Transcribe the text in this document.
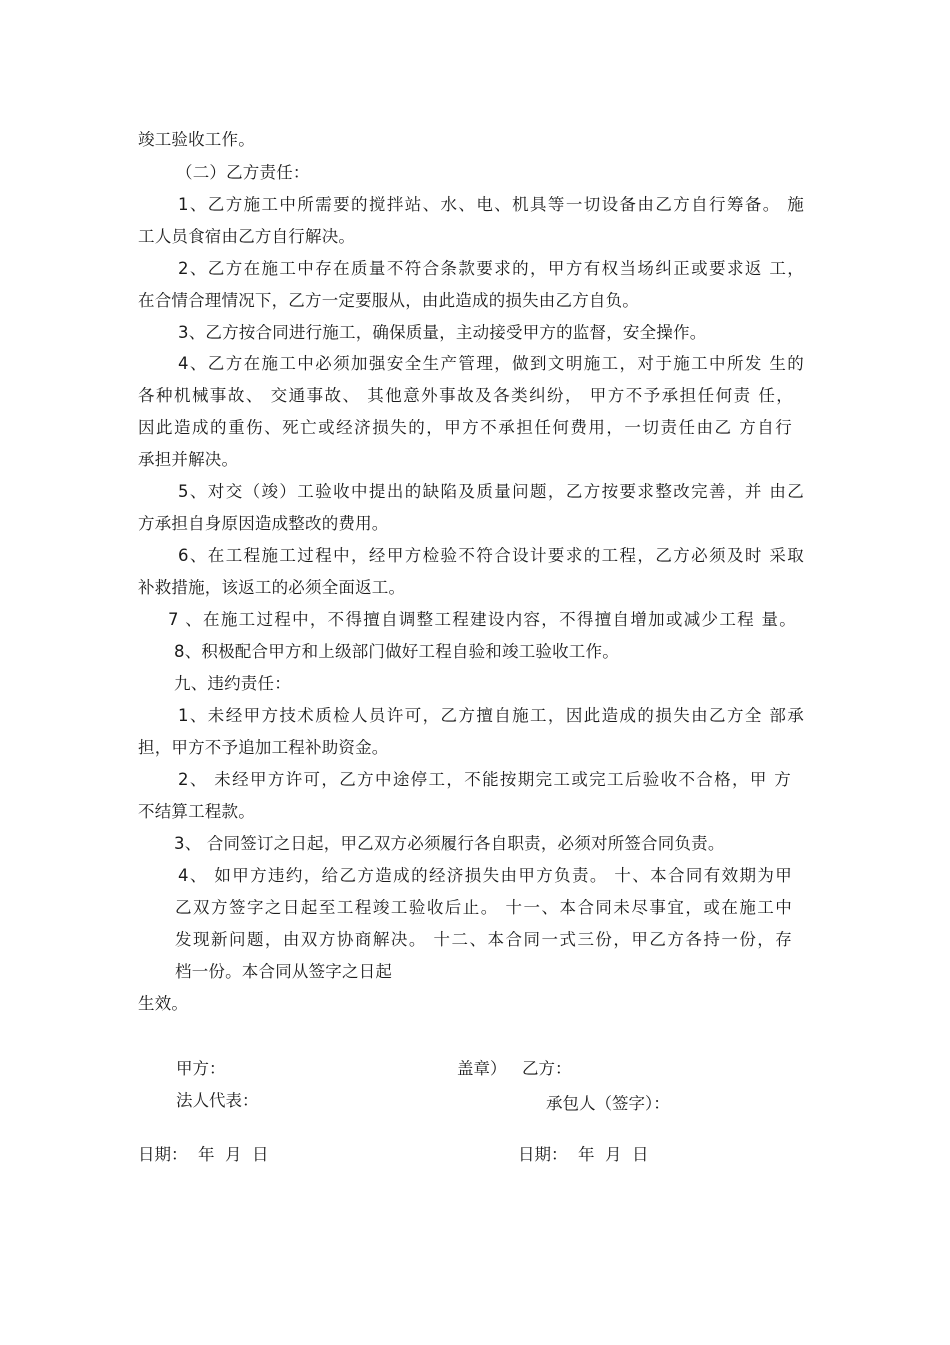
竣工验收工作。
（二）乙方责任：
1、乙方施工中所需要的搅拌站、水、电、机具等一切设备由乙方自行筹备。 施
工人员食宿由乙方自行解决。
2、乙方在施工中存在质量不符合条款要求的，甲方有权当场纠正或要求返 工，
在合情合理情况下，乙方一定要服从，由此造成的损失由乙方自负。
3、乙方按合同进行施工，确保质量，主动接受甲方的监督，安全操作。
4、乙方在施工中必须加强安全生产管理，做到文明施工，对于施工中所发 生的
各种机械事故、 交通事故、 其他意外事故及各类纠纷， 甲方不予承担任何责 任，
因此造成的重伤、死亡或经济损失的，甲方不承担任何费用，一切责任由乙 方自行
承担并解决。
5、对交（竣）工验收中提出的缺陷及质量问题，乙方按要求整改完善，并 由乙
方承担自身原因造成整改的费用。
6、在工程施工过程中，经甲方检验不符合设计要求的工程，乙方必须及时 采取
补救措施，该返工的必须全面返工。
7 、在施工过程中，不得擅自调整工程建设内容，不得擅自增加或减少工程 量。
8、积极配合甲方和上级部门做好工程自验和竣工验收工作。
九、违约责任：
1、未经甲方技术质检人员许可，乙方擅自施工，因此造成的损失由乙方全 部承
担，甲方不予追加工程补助资金。
2、 未经甲方许可，乙方中途停工，不能按期完工或完工后验收不合格，甲 方
不结算工程款。
3、 合同签订之日起，甲乙双方必须履行各自职责，必须对所签合同负责。
4、 如甲方违约，给乙方造成的经济损失由甲方负责。 十、本合同有效期为甲
乙双方签字之日起至工程竣工验收后止。 十一、本合同未尽事宜，或在施工中
发现新问题，由双方协商解决。 十二、本合同一式三份，甲乙方各持一份，存
档一份。本合同从签字之日起
生效。
甲方：	盖章） 乙方：
法人代表：	承包人（签字）：
日期：  年  月  日	日期：  年  月  日
